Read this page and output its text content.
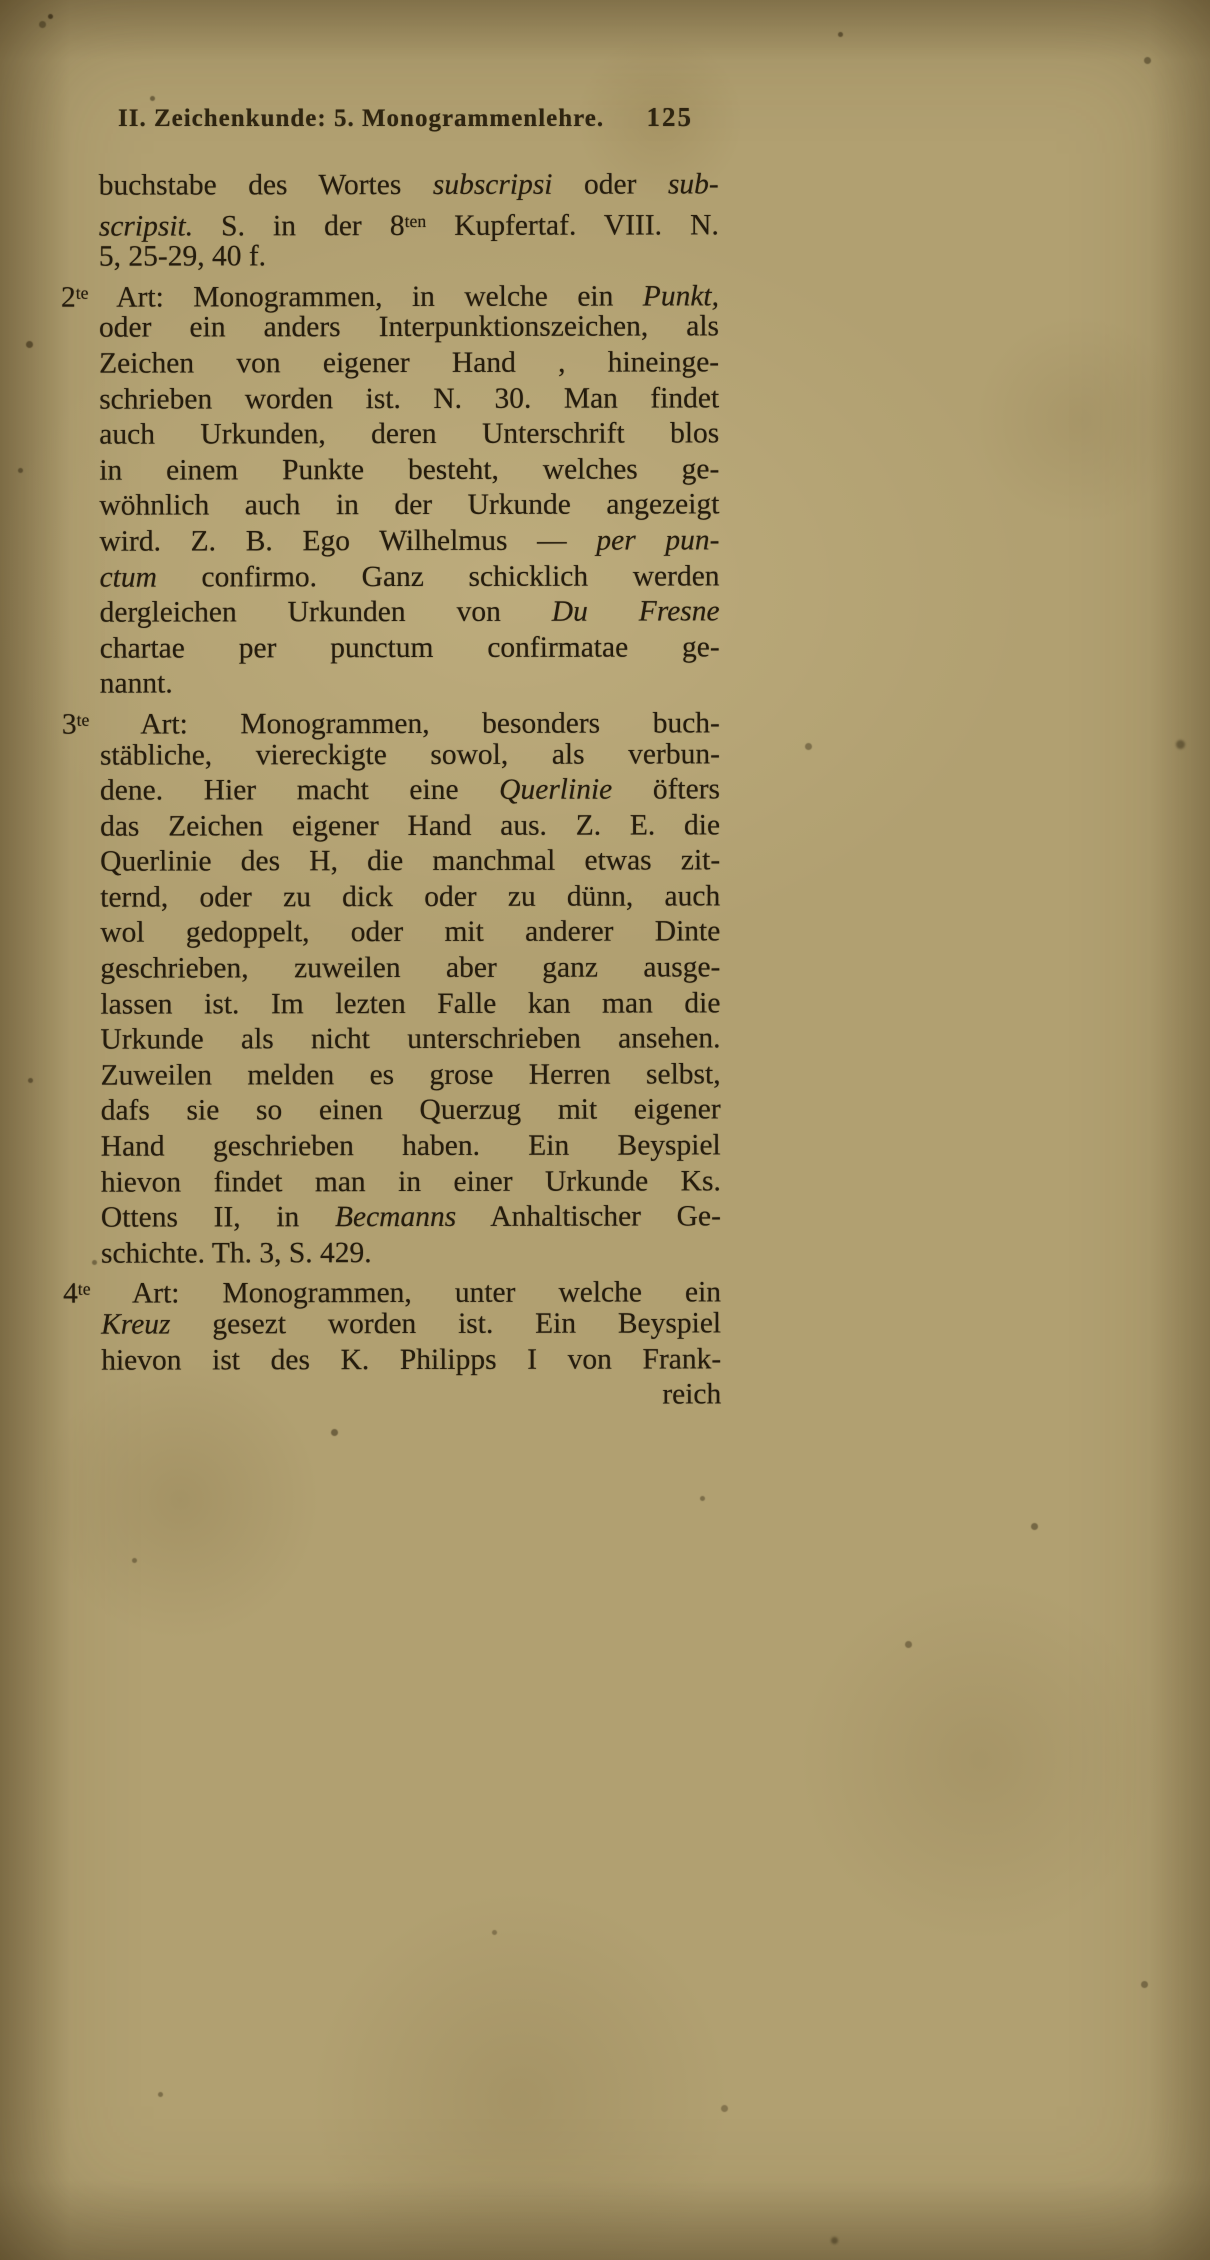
II. Zeichenkunde: 5. Monogrammenlehre. 125
buchstabe des Wortes subscripsi oder sub-
scripsit. S. in der $8^{ten}$ Kupfertaf. VIII. N.
5, 25-29, 40 f.
$2^{te}$ Art: Monogrammen, in welche ein Punkt,
oder ein anders Interpunktionszeichen, als
Zeichen von eigener Hand , hineinge-
schrieben worden ist. N. 30. Man findet
auch Urkunden, deren Unterschrift blos
in einem Punkte besteht, welches ge-
wöhnlich auch in der Urkunde angezeigt
wird. Z. B. Ego Wilhelmus — per pun-
ctum confirmo. Ganz schicklich werden
dergleichen Urkunden von Du Fresne
chartae per punctum confirmatae ge-
nannt.
$3^{te}$ Art: Monogrammen, besonders buch-
stäbliche, viereckigte sowol, als verbun-
dene. Hier macht eine Querlinie öfters
das Zeichen eigener Hand aus. Z. E. die
Querlinie des H, die manchmal etwas zit-
ternd, oder zu dick oder zu dünn, auch
wol gedoppelt, oder mit anderer Dinte
geschrieben, zuweilen aber ganz ausge-
lassen ist. Im lezten Falle kan man die
Urkunde als nicht unterschrieben ansehen.
Zuweilen melden es grose Herren selbst,
dafs sie so einen Querzug mit eigener
Hand geschrieben haben. Ein Beyspiel
hievon findet man in einer Urkunde Ks.
Ottens II, in Becmanns Anhaltischer Ge-
schichte. Th. 3, S. 429.
$4^{te}$ Art: Monogrammen, unter welche ein
Kreuz gesezt worden ist. Ein Beyspiel
hievon ist des K. Philipps I von Frank-
reich
